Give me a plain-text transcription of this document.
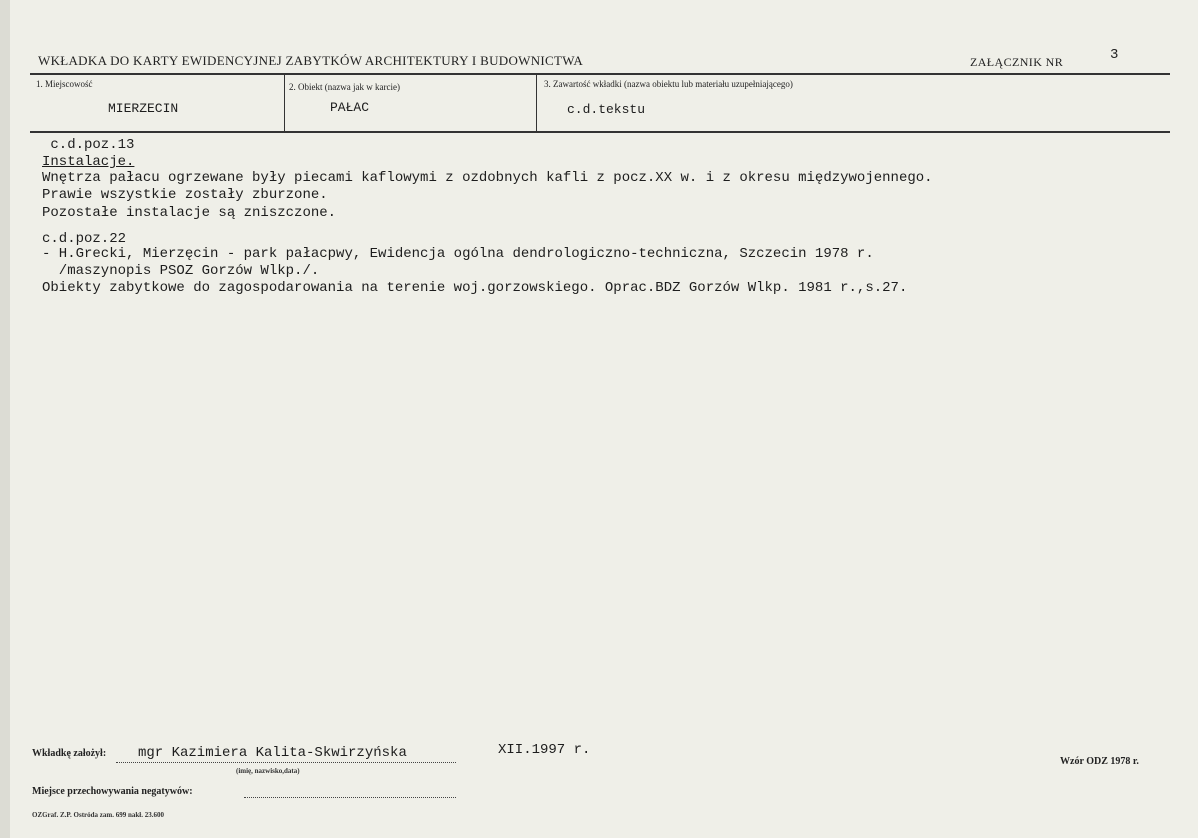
WKŁADKA DO KARTY EWIDENCYJNEJ ZABYTKÓW ARCHITEKTURY I BUDOWNICTWA	ZAŁĄCZNIK NR	3
1. Miejscowość	2. Obiekt (nazwa jak w karcie)	3. Zawartość wkładki (nazwa obiektu lub materiału uzupełniającego)
MIERZECIN	PAŁAC	c.d.tekstu
c.d.poz.13
Instalacje.
Wnętrza pałacu ogrzewane były piecami kaflowymi z ozdobnych kafli z pocz.XX w. i z okresu międzywojennego.
Prawie wszystkie zostały zburzone.
Pozostałe instalacje są zniszczone.
c.d.poz.22
- H.Grecki, Mierzęcin - park pałacpwy, Ewidencja ogólna dendrologiczno-techniczna, Szczecin 1978 r.
/maszynopis PSOZ Gorzów Wlkp./.
Obiekty zabytkowe do zagospodarowania na terenie woj.gorzowskiego. Oprac.BDZ Gorzów Wlkp. 1981 r.,s.27.
Wkładkę założył: mgr Kazimiera Kalita-Skwirzyńska	XII.1997 r.
(imię, nazwisko,data)
Miejsce przechowywania negatywów:
OZGraf. Z.P. Ostróda zam. 699 nakł. 23.600
Wzór ODZ 1978 r.
